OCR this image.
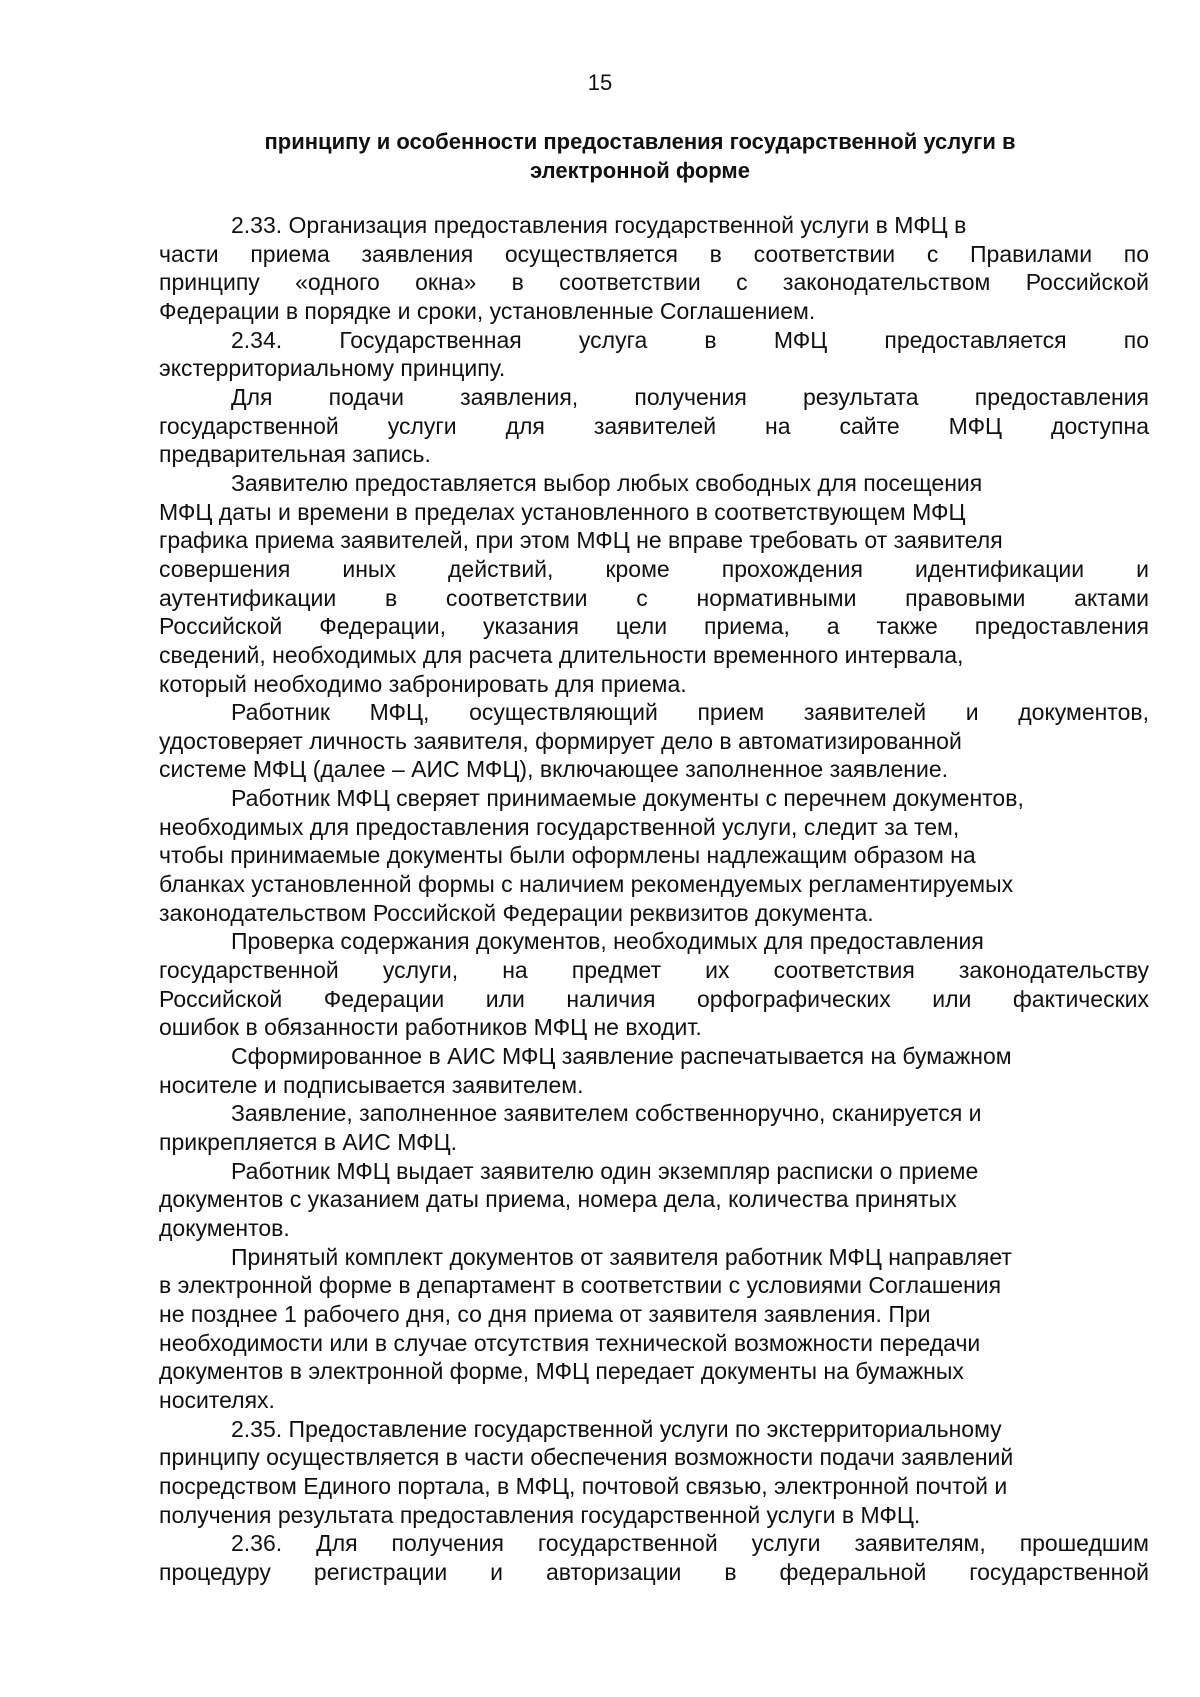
15
принципу и особенности предоставления государственной услуги в
электронной форме
2.33. Организация предоставления государственной услуги в МФЦ в
части приема заявления осуществляется в соответствии с Правилами по
принципу «одного окна» в соответствии с законодательством Российской
Федерации в порядке и сроки, установленные Соглашением.
2.34. Государственная услуга в МФЦ предоставляется по
экстерриториальному принципу.
Для подачи заявления, получения результата предоставления
государственной услуги для заявителей на сайте МФЦ доступна
предварительная запись.
Заявителю предоставляется выбор любых свободных для посещения
МФЦ даты и времени в пределах установленного в соответствующем МФЦ
графика приема заявителей, при этом МФЦ не вправе требовать от заявителя
совершения иных действий, кроме прохождения идентификации и
аутентификации в соответствии с нормативными правовыми актами
Российской Федерации, указания цели приема, а также предоставления
сведений, необходимых для расчета длительности временного интервала,
который необходимо забронировать для приема.
Работник МФЦ, осуществляющий прием заявителей и документов,
удостоверяет личность заявителя, формирует дело в автоматизированной
системе МФЦ (далее – АИС МФЦ), включающее заполненное заявление.
Работник МФЦ сверяет принимаемые документы с перечнем документов,
необходимых для предоставления государственной услуги, следит за тем,
чтобы принимаемые документы были оформлены надлежащим образом на
бланках установленной формы с наличием рекомендуемых регламентируемых
законодательством Российской Федерации реквизитов документа.
Проверка содержания документов, необходимых для предоставления
государственной услуги, на предмет их соответствия законодательству
Российской Федерации или наличия орфографических или фактических
ошибок в обязанности работников МФЦ не входит.
Сформированное в АИС МФЦ заявление распечатывается на бумажном
носителе и подписывается заявителем.
Заявление, заполненное заявителем собственноручно, сканируется и
прикрепляется в АИС МФЦ.
Работник МФЦ выдает заявителю один экземпляр расписки о приеме
документов с указанием даты приема, номера дела, количества принятых
документов.
Принятый комплект документов от заявителя работник МФЦ направляет
в электронной форме в департамент в соответствии с условиями Соглашения
не позднее 1 рабочего дня, со дня приема от заявителя заявления. При
необходимости или в случае отсутствия технической возможности передачи
документов в электронной форме, МФЦ передает документы на бумажных
носителях.
2.35. Предоставление государственной услуги по экстерриториальному
принципу осуществляется в части обеспечения возможности подачи заявлений
посредством Единого портала, в МФЦ, почтовой связью, электронной почтой и
получения результата предоставления государственной услуги в МФЦ.
2.36. Для получения государственной услуги заявителям, прошедшим
процедуру регистрации и авторизации в федеральной государственной
